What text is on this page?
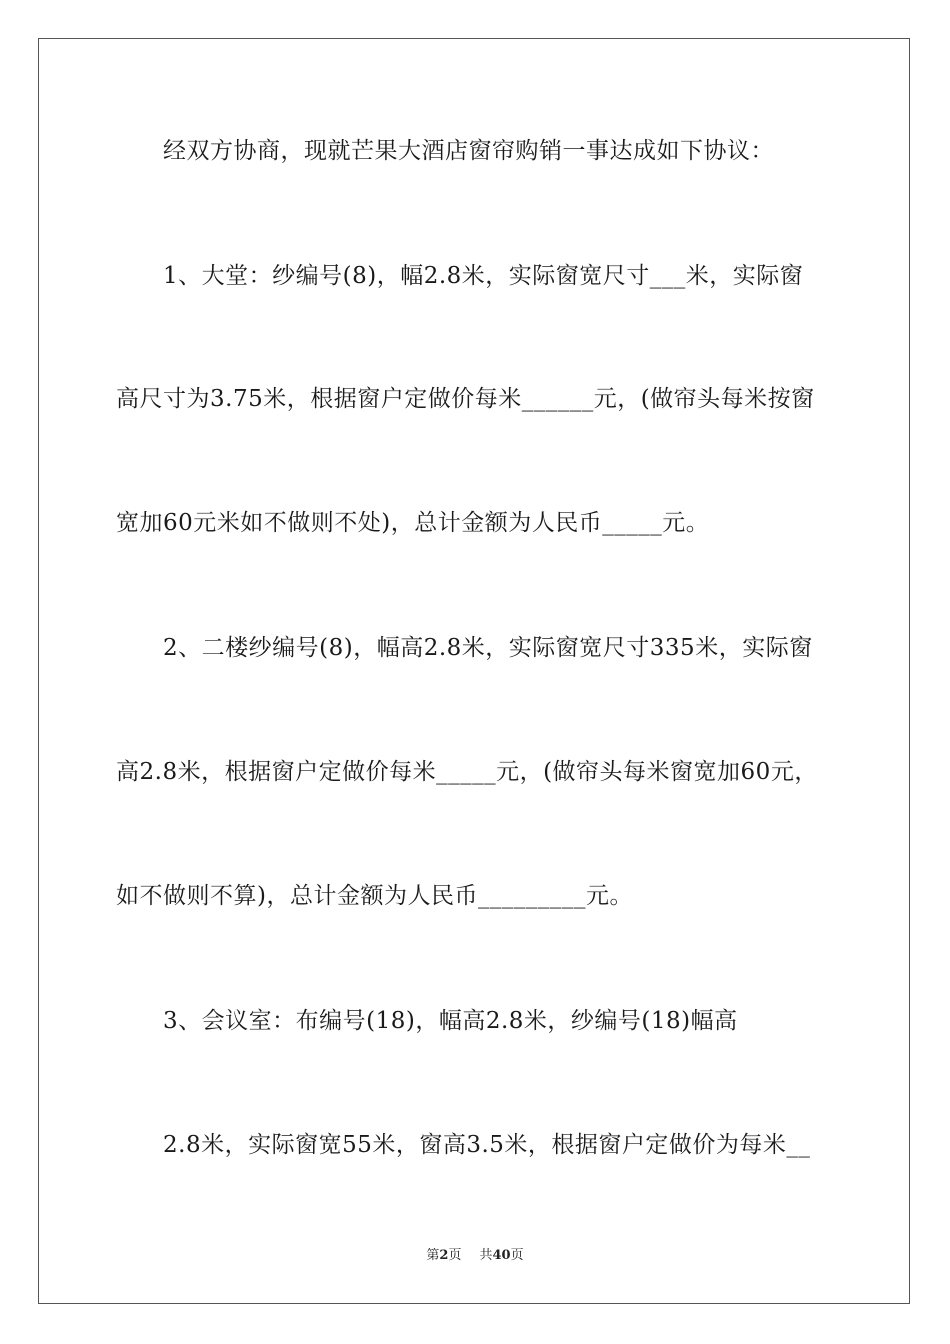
经双方协商，现就芒果大酒店窗帘购销一事达成如下协议：
1、大堂：纱编号(8)，幅2.8米，实际窗宽尺寸___米，实际窗
高尺寸为3.75米，根据窗户定做价每米______元，(做帘头每米按窗
宽加60元米如不做则不处)，总计金额为人民币_____元。
2、二楼纱编号(8)，幅高2.8米，实际窗宽尺寸335米，实际窗
高2.8米，根据窗户定做价每米_____元，(做帘头每米窗宽加60元，
如不做则不算)，总计金额为人民币_________元。
3、会议室：布编号(18)，幅高2.8米，纱编号(18)幅高
2.8米，实际窗宽55米，窗高3.5米，根据窗户定做价为每米__
第2页 共40页
